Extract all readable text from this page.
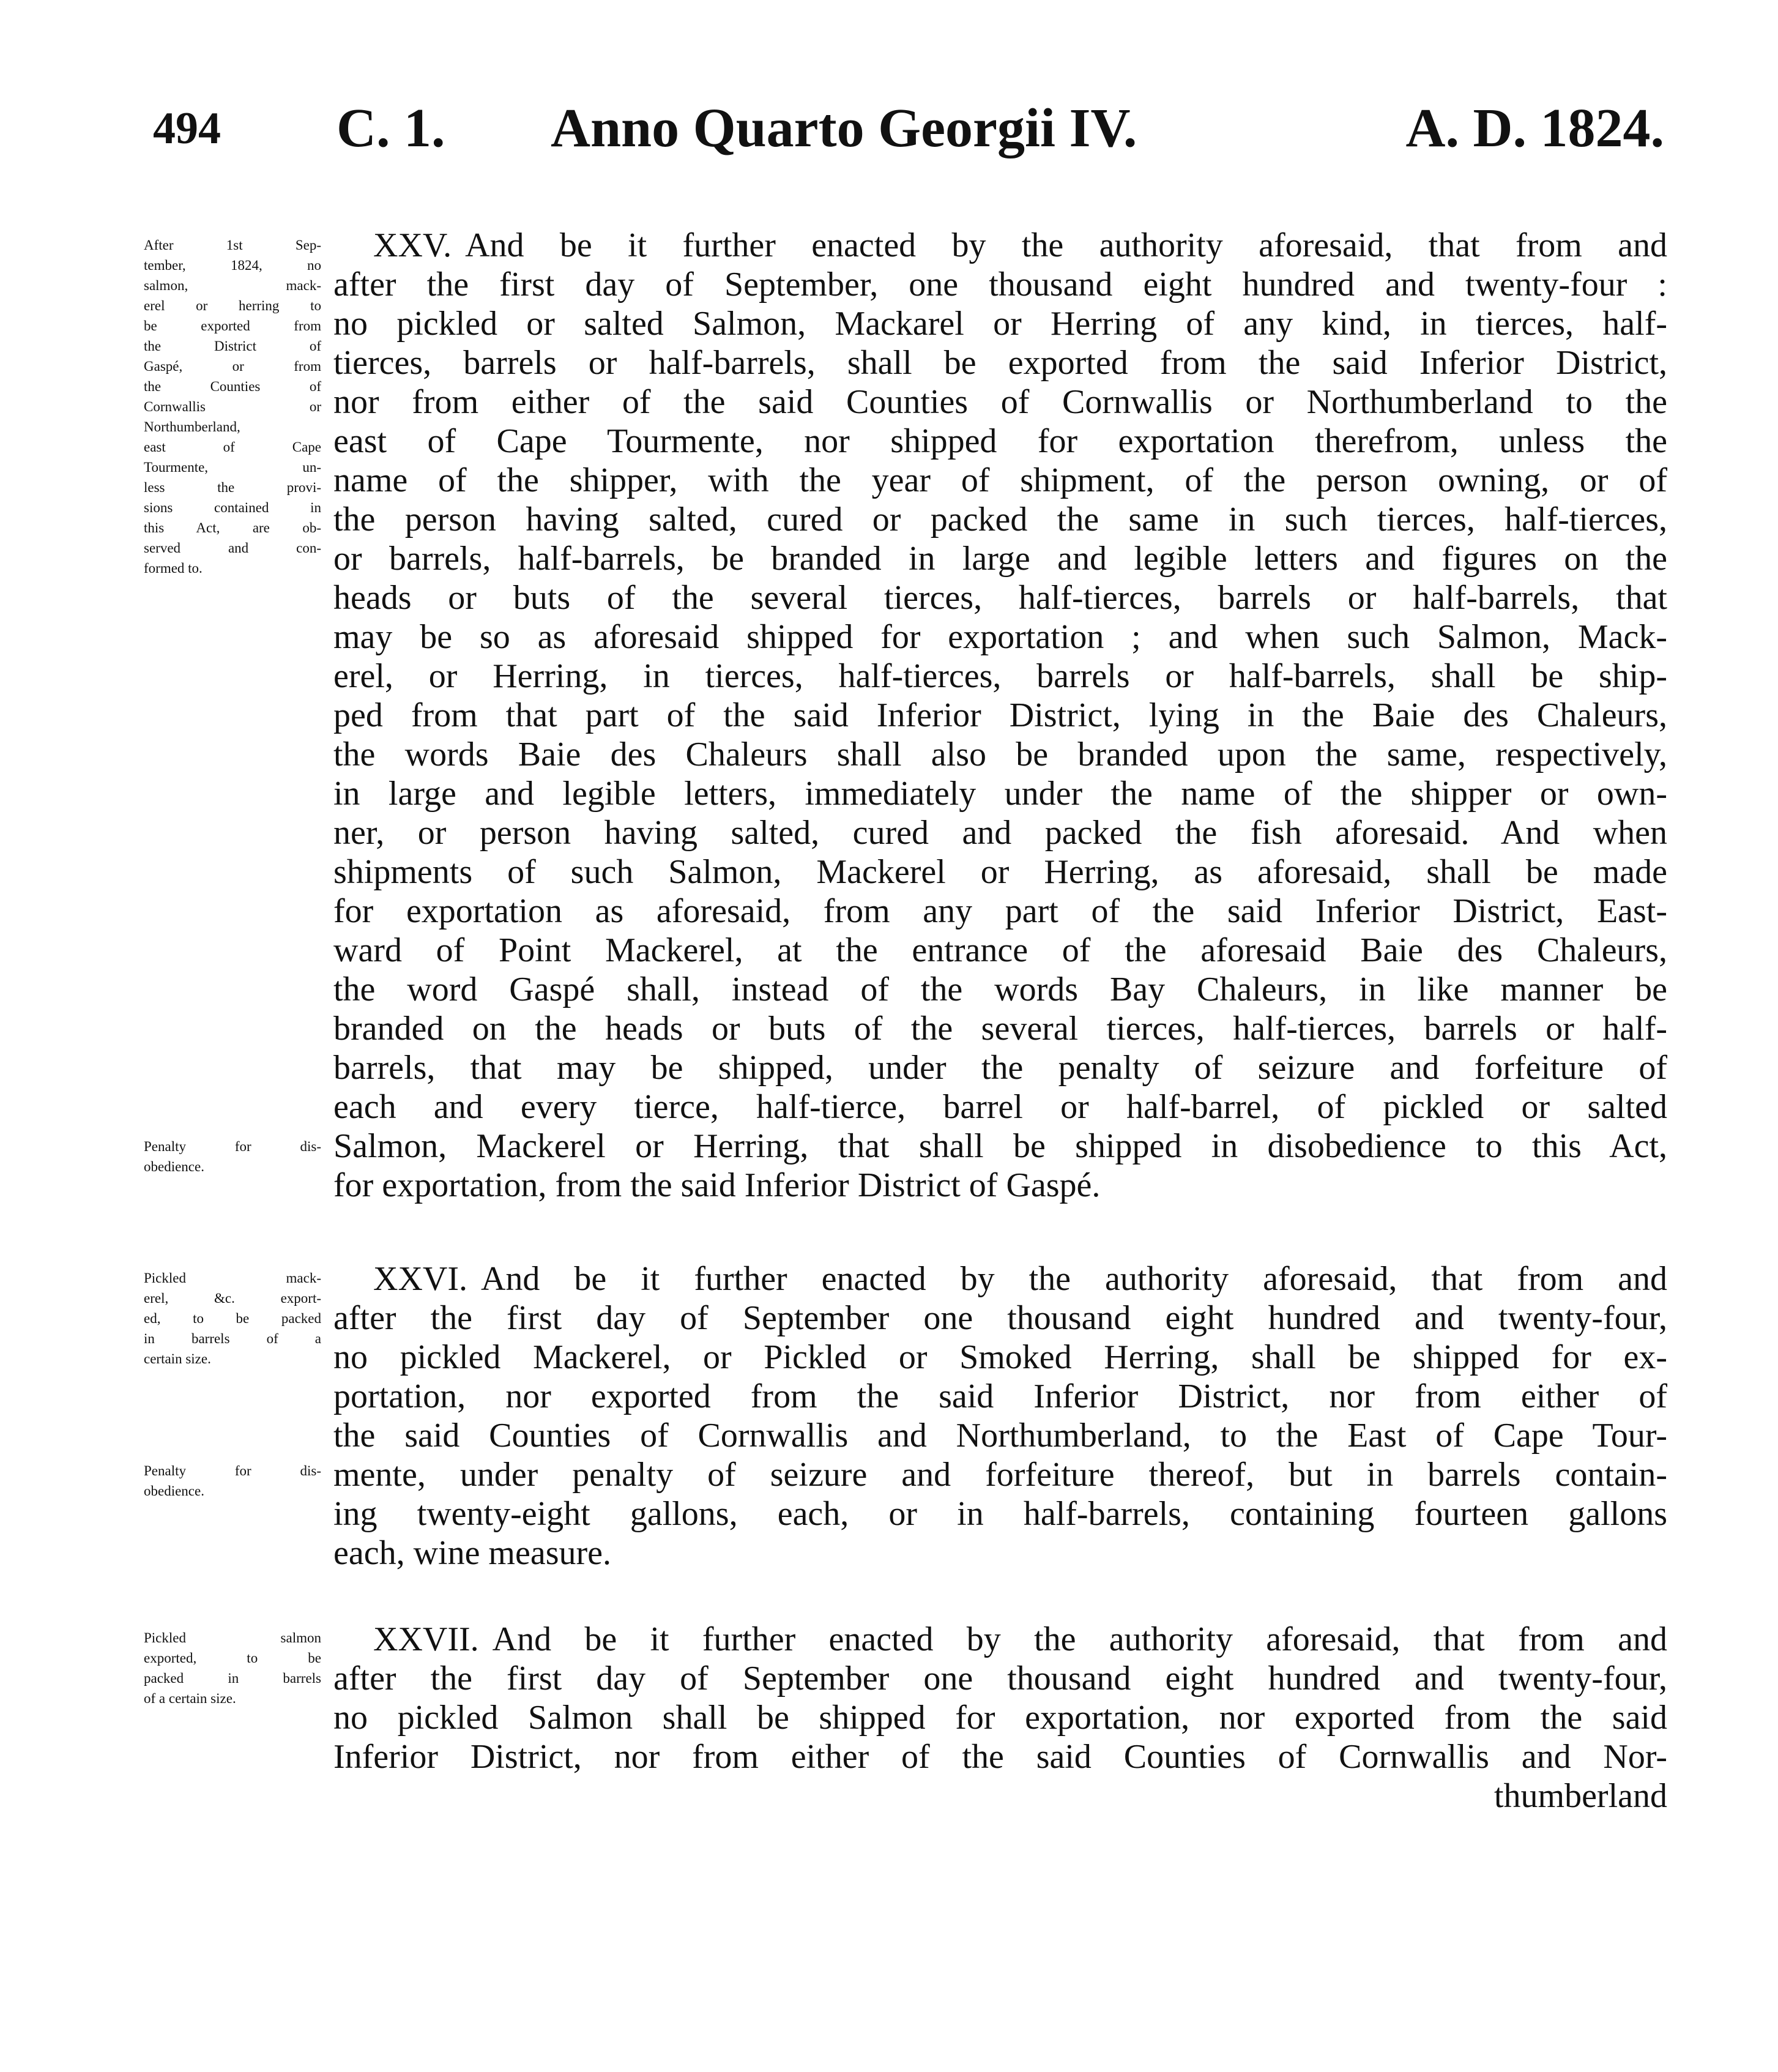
494 C. 1. Anno Quarto Georgii IV.	A. D. 1824.
XXV. And be it further enacted by the authority aforesaid, that from and
after the first day of September, one thousand eight hundred and twenty-four :
no pickled or salted Salmon, Mackarel or Herring of any kind, in tierces, half-
tierces, barrels or half-barrels, shall be exported from the said Inferior District,
nor from either of the said Counties of Cornwallis or Northumberland to the
east of Cape Tourmente, nor shipped for exportation therefrom, unless the
name of the shipper, with the year of shipment, of the person owning, or of
the person having salted, cured or packed the same in such tierces, half-tierces,
or barrels, half-barrels, be branded in large and legible letters and figures on the
heads or buts of the several tierces, half-tierces, barrels or half-barrels, that
may be so as aforesaid shipped for exportation ; and when such Salmon, Mack-
erel, or Herring, in tierces, half-tierces, barrels or half-barrels, shall be ship-
ped from that part of the said Inferior District, lying in the Baie des Chaleurs,
the words Baie des Chaleurs shall also be branded upon the same, respectively,
in large and legible letters, immediately under the name of the shipper or own-
ner, or person having salted, cured and packed the fish aforesaid. And when
shipments of such Salmon, Mackerel or Herring, as aforesaid, shall be made
for exportation as aforesaid, from any part of the said Inferior District, East-
ward of Point Mackerel, at the entrance of the aforesaid Baie des Chaleurs,
the word Gaspé shall, instead of the words Bay Chaleurs, in like manner be
branded on the heads or buts of the several tierces, half-tierces, barrels or half-
barrels, that may be shipped, under the penalty of seizure and forfeiture of
each and every tierce, half-tierce, barrel or half-barrel, of pickled or salted
Salmon, Mackerel or Herring, that shall be shipped in disobedience to this Act,
for exportation, from the said Inferior District of Gaspé.
XXVI. And be it further enacted by the authority aforesaid, that from and
after the first day of September one thousand eight hundred and twenty-four,
no pickled Mackerel, or Pickled or Smoked Herring, shall be shipped for ex-
portation, nor exported from the said Inferior District, nor from either of
the said Counties of Cornwallis and Northumberland, to the East of Cape Tour-
mente, under penalty of seizure and forfeiture thereof, but in barrels contain-
ing twenty-eight gallons, each, or in half-barrels, containing fourteen gallons
each, wine measure.
XXVII. And be it further enacted by the authority aforesaid, that from and
after the first day of September one thousand eight hundred and twenty-four,
no pickled Salmon shall be shipped for exportation, nor exported from the said
Inferior District, nor from either of the said Counties of Cornwallis and Nor-
thumberland
After 1st Sep-
tember, 1824, no
salmon, mack-
erel or herring to
be exported from
the District of
Gaspé, or from
the Counties of
Cornwallis or
Northumberland,
east of Cape
Tourmente, un-
less the provi-
sions contained in
this Act, are ob-
served and con-
formed to.
Penalty for dis-
obedience.
Pickled mack-
erel, &c. export-
ed, to be packed
in barrels of a
certain size.
Penalty for dis-
obedience.
Pickled salmon
exported, to be
packed in barrels
of a certain size.
